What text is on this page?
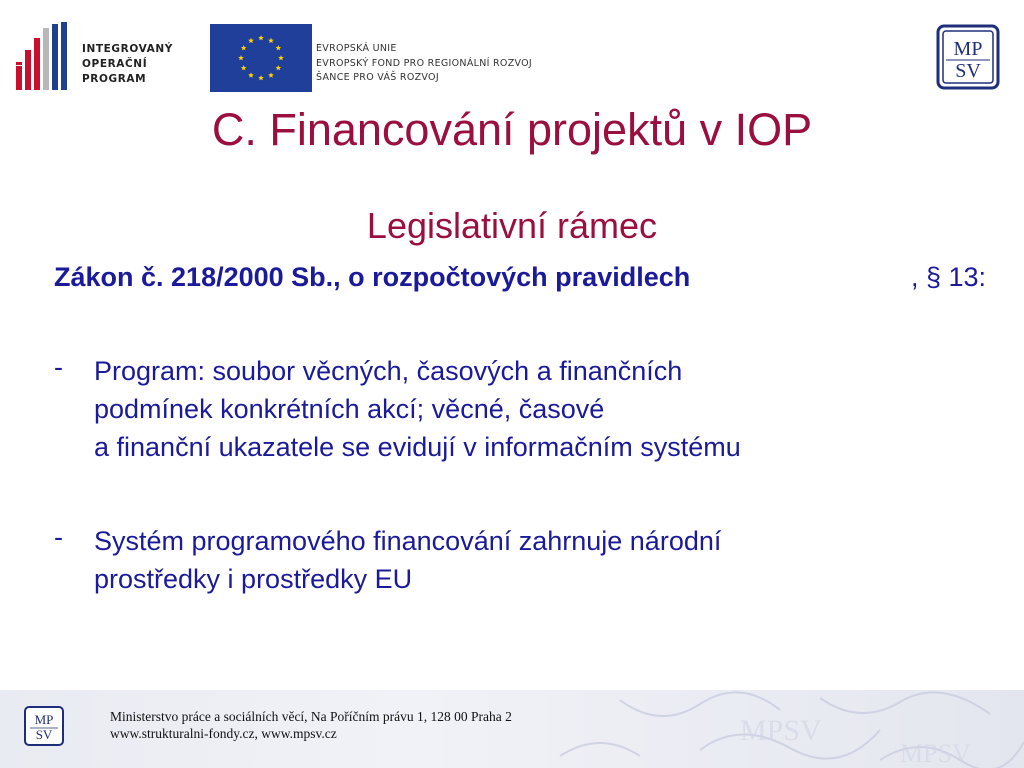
INTEGROVANÝ
OPERAČNÍ
PROGRAM
EVROPSKÁ UNIE
EVROPSKÝ FOND PRO REGIONÁLNÍ ROZVOJ
ŠANCE PRO VÁŠ ROZVOJ
MP
SV
C. Financování projektů v IOP
Legislativní rámec
Zákon č. 218/2000 Sb., o rozpočtových pravidlech	, § 13:
- Program: soubor věcných, časových a finančních
podmínek konkrétních akcí; věcné, časové
a finanční ukazatele se evidují v informačním systému
- Systém programového financování zahrnuje národní
prostředky i prostředky EU
MPSV
MPSV
MP
SV
Ministerstvo práce a sociálních věcí, Na Poříčním právu 1, 128 00 Praha 2
www.strukturalni-fondy.cz, www.mpsv.cz
